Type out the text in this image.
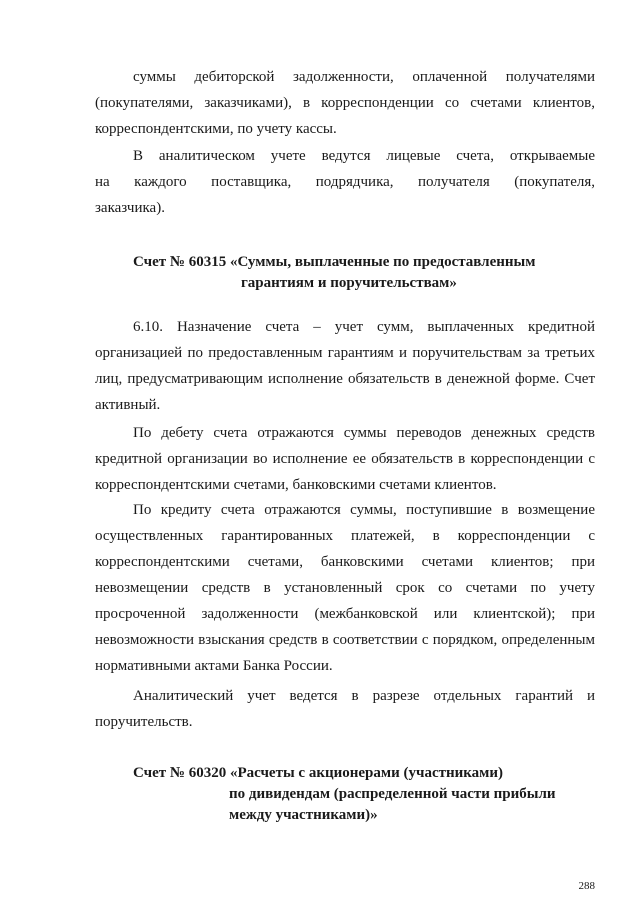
суммы дебиторской задолженности, оплаченной получателями
(покупателями, заказчиками), в корреспонденции со счетами клиентов,
корреспондентскими, по учету кассы.
В аналитическом учете ведутся лицевые счета, открываемые
на каждого поставщика, подрядчика, получателя (покупателя,
заказчика).
Счет № 60315 «Суммы, выплаченные по предоставленным
гарантиям и поручительствам»
6.10. Назначение счета – учет сумм, выплаченных кредитной
организацией по предоставленным гарантиям и поручительствам за третьих
лиц, предусматривающим исполнение обязательств в денежной форме. Счет
активный.
По дебету счета отражаются суммы переводов денежных средств
кредитной организации во исполнение ее обязательств в корреспонденции с
корреспондентскими счетами, банковскими счетами клиентов.
По кредиту счета отражаются суммы, поступившие в возмещение
осуществленных гарантированных платежей, в корреспонденции с
корреспондентскими счетами, банковскими счетами клиентов; при
невозмещении средств в установленный срок со счетами по учету
просроченной задолженности (межбанковской или клиентской); при
невозможности взыскания средств в соответствии с порядком, определенным
нормативными актами Банка России.
Аналитический учет ведется в разрезе отдельных гарантий и
поручительств.
Счет № 60320 «Расчеты с акционерами (участниками)
по дивидендам (распределенной части прибыли
между участниками)»
288
